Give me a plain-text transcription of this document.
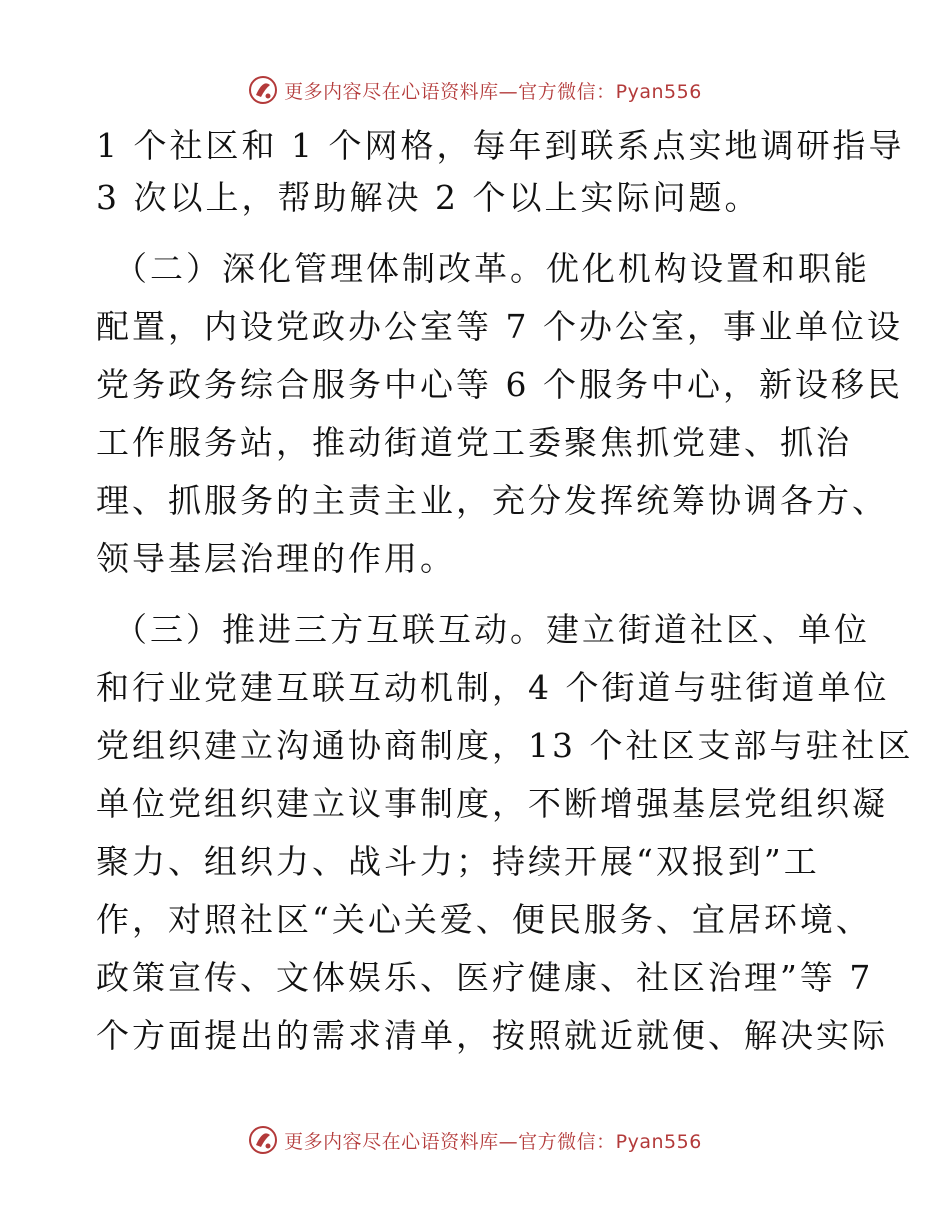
更多内容尽在心语资料库—官方微信：Pyan556
1 个社区和 1 个网格，每年到联系点实地调研指导
3 次以上，帮助解决 2 个以上实际问题。
（二）深化管理体制改革。优化机构设置和职能
配置，内设党政办公室等 7 个办公室，事业单位设
党务政务综合服务中心等 6 个服务中心，新设移民
工作服务站，推动街道党工委聚焦抓党建、抓治
理、抓服务的主责主业，充分发挥统筹协调各方、
领导基层治理的作用。
（三）推进三方互联互动。建立街道社区、单位
和行业党建互联互动机制，4 个街道与驻街道单位
党组织建立沟通协商制度，13 个社区支部与驻社区
单位党组织建立议事制度，不断增强基层党组织凝
聚力、组织力、战斗力；持续开展“双报到”工
作，对照社区“关心关爱、便民服务、宜居环境、
政策宣传、文体娱乐、医疗健康、社区治理”等 7
个方面提出的需求清单，按照就近就便、解决实际
更多内容尽在心语资料库—官方微信：Pyan556
